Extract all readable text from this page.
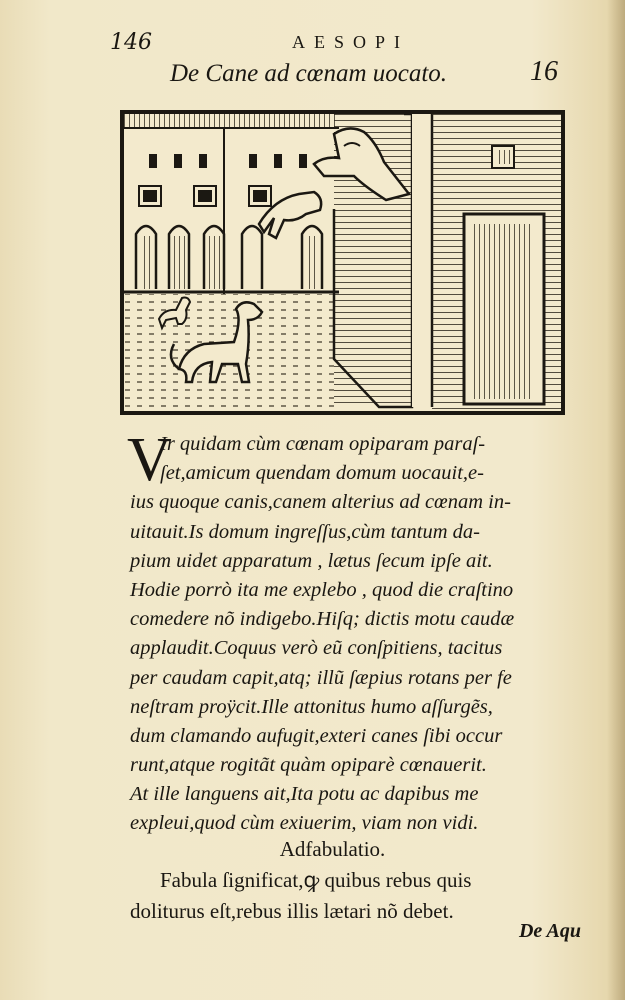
146	AESOPI
De Cane ad cœnam uocato.	16
V
Ir quidam cùm cœnam opiparam paraſ-
ſet,amicum quendam domum uocauit,e-
ius quoque canis,canem alterius ad cœnam in-
uitauit.Is domum ingreſſus,cùm tantum da-
pium uidet apparatum , lætus ſecum ipſe ait.
Hodie porrò ita me explebo , quod die craſtino
comedere nõ indigebo.Hiſq; dictis motu caudæ
applaudit.Coquus verò eũ conſpitiens, tacitus
per caudam capit,atq; illũ ſæpius rotans per fe
neſtram proÿcit.Ille attonitus humo aſſurgẽs,
dum clamando aufugit,exteri canes ſibi occur
runt,atque rogitãt quàm opiparè cœnauerit.
At ille languens ait,Ita potu ac dapibus me
expleui,quod cùm exiuerim, viam non vidi.
Adfabulatio.
Fabula ſignificat,ꝙ quibus rebus quis
doliturus eſt,rebus illis lætari nõ debet.
De Aqu
